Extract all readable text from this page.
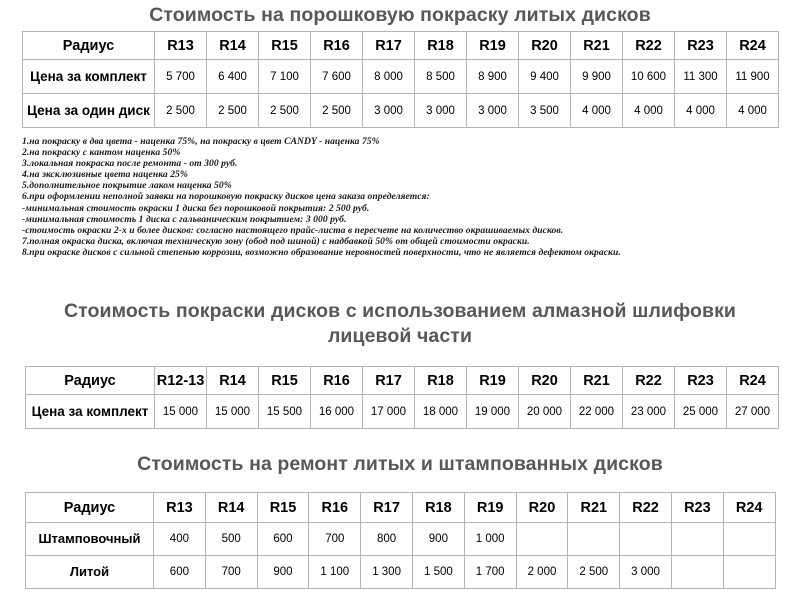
Стоимость на порошковую покраску литых дисков
Радиус	R13	R14	R15	R16	R17	R18	R19	R20	R21	R22	R23	R24
Цена за комплект	5 700	6 400	7 100	7 600	8 000	8 500	8 900	9 400	9 900	10 600	11 300	11 900
Цена за один диск	2 500	2 500	2 500	2 500	3 000	3 000	3 000	3 500	4 000	4 000	4 000	4 000
1.на покраску в два цвета - наценка 75%, на покраску в цвет CANDY - наценка 75%
2.на покраску с кантом наценка 50%
3.локальная покраска после ремонта - от 300 руб.
4.на эксклюзивные цвета наценка 25%
5.дополнительное покрытие лаком наценка 50%
6.при оформлении неполной заявки на порошковую покраску дисков цена заказа определяется:
-минимальная стоимость окраски 1 диска без порошковой покрытия: 2 500 руб.
-минимальная стоимость 1 диска с гальваническим покрытием: 3 000 руб.
-стоимость окраски 2-х и более дисков: согласно настоящего прайс-листа в пересчете на количество окрашиваемых дисков.
7.полная окраска диска, включая техническую зону (обод под шиной) с надбавкой 50% от общей стоимости окраски.
8.при окраске дисков с сильной степенью коррозии, возможно образование неровностей поверхности, что не является дефектом окраски.
Стоимость покраски дисков с использованием алмазной шлифовки лицевой части
Радиус	R12-13	R14	R15	R16	R17	R18	R19	R20	R21	R22	R23	R24
Цена за комплект	15 000	15 000	15 500	16 000	17 000	18 000	19 000	20 000	22 000	23 000	25 000	27 000
Стоимость на ремонт литых и штампованных дисков
Радиус	R13	R14	R15	R16	R17	R18	R19	R20	R21	R22	R23	R24
Штамповочный	400	500	600	700	800	900	1 000					
Литой	600	700	900	1 100	1 300	1 500	1 700	2 000	2 500	3 000		
